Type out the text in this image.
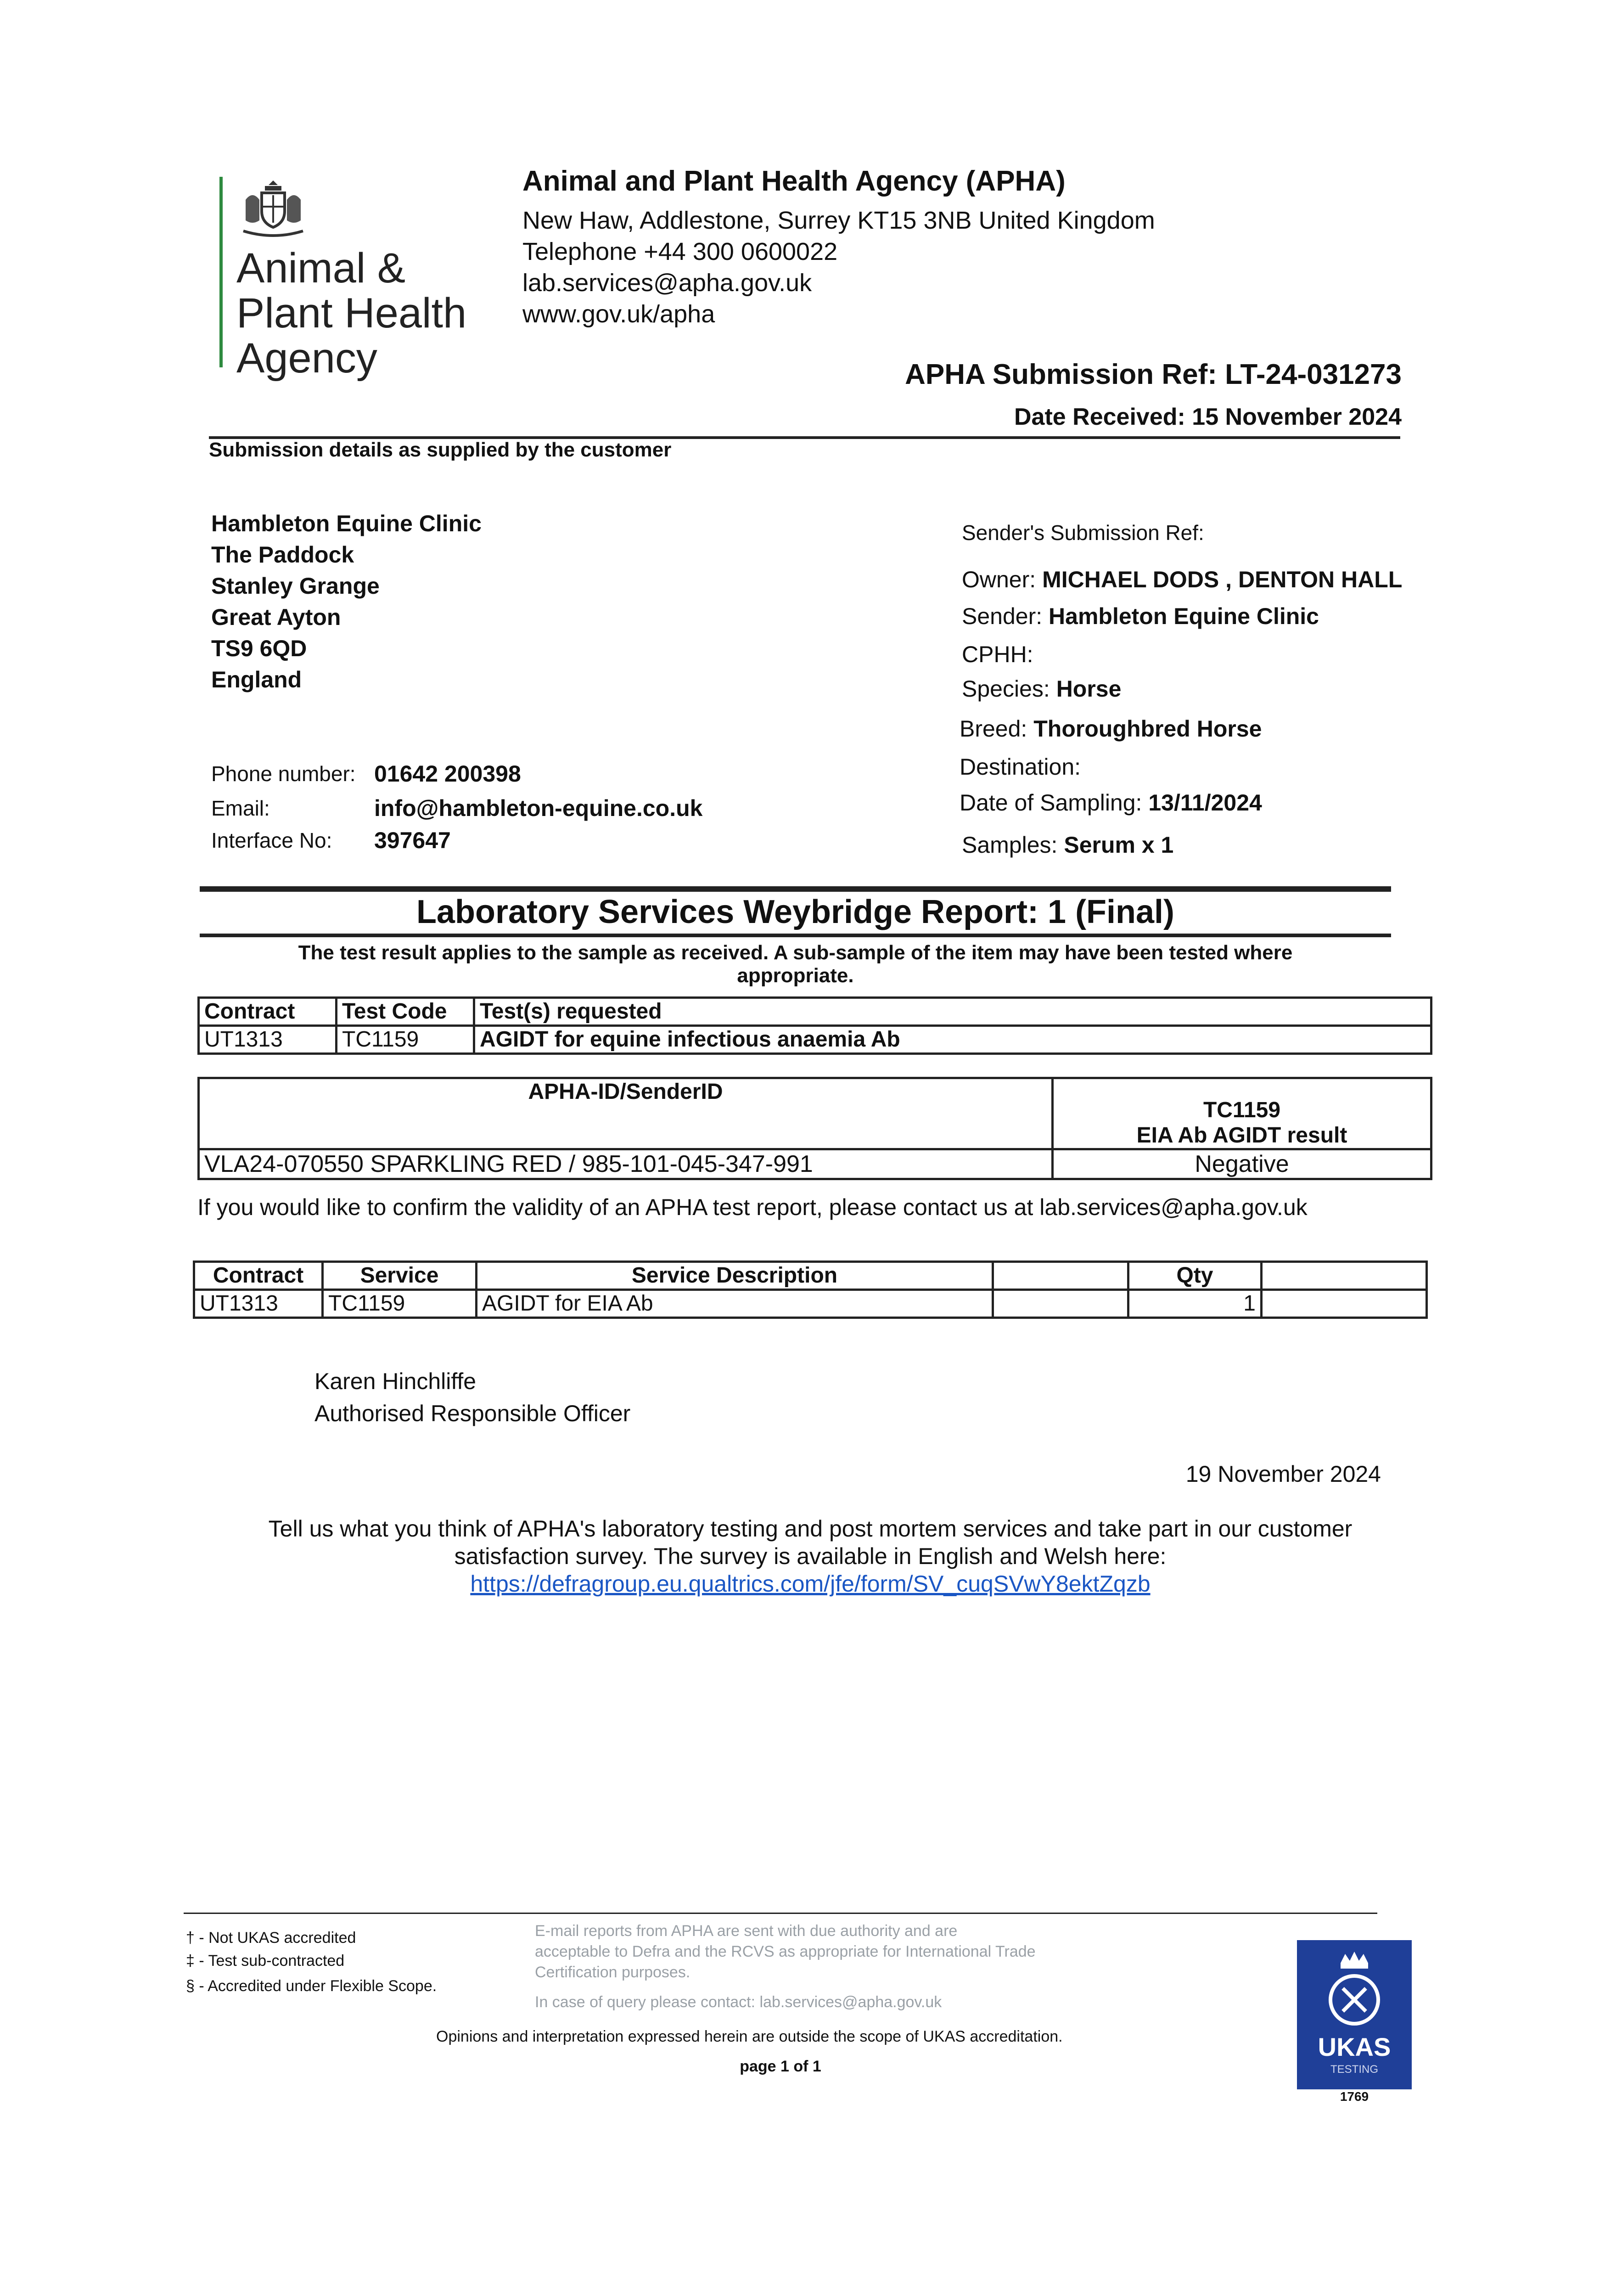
Animal &
Plant Health
Agency
Animal and Plant Health Agency (APHA)
New Haw, Addlestone, Surrey KT15 3NB United Kingdom
Telephone +44 300 0600022
lab.services@apha.gov.uk
www.gov.uk/apha
APHA Submission Ref: LT-24-031273
Date Received: 15 November 2024
Submission details as supplied by the customer
Hambleton Equine Clinic
The Paddock
Stanley Grange
Great Ayton
TS9 6QD
England
Phone number: 01642 200398
Email:	info@hambleton-equine.co.uk
Interface No: 397647
Sender's Submission Ref:
Owner: MICHAEL DODS , DENTON HALL
Sender: Hambleton Equine Clinic
CPHH:
Species: Horse
Breed: Thoroughbred Horse
Destination:
Date of Sampling: 13/11/2024
Samples: Serum x 1
Laboratory Services Weybridge Report: 1 (Final)
The test result applies to the sample as received. A sub-sample of the item may have been tested where
appropriate.
Contract	Test Code	Test(s) requested
UT1313	TC1159	AGIDT for equine infectious anaemia Ab
APHA-ID/SenderID	TC1159
EIA Ab AGIDT result

VLA24-070550 SPARKLING RED / 985-101-045-347-991	Negative
If you would like to confirm the validity of an APHA test report, please contact us at lab.services@apha.gov.uk
Contract	Service	Service Description		Qty	
UT1313	TC1159	AGIDT for EIA Ab		1	
Karen Hinchliffe
Authorised Responsible Officer
19 November 2024
Tell us what you think of APHA's laboratory testing and post mortem services and take part in our customer
satisfaction survey. The survey is available in English and Welsh here:
https://defragroup.eu.qualtrics.com/jfe/form/SV_cuqSVwY8ektZqzb
† - Not UKAS accredited
‡ - Test sub-contracted
§ - Accredited under Flexible Scope.
E-mail reports from APHA are sent with due authority and are
acceptable to Defra and the RCVS as appropriate for International Trade
Certification purposes.
In case of query please contact: lab.services@apha.gov.uk
Opinions and interpretation expressed herein are outside the scope of UKAS accreditation.
page 1 of 1
UKAS
TESTING
1769
